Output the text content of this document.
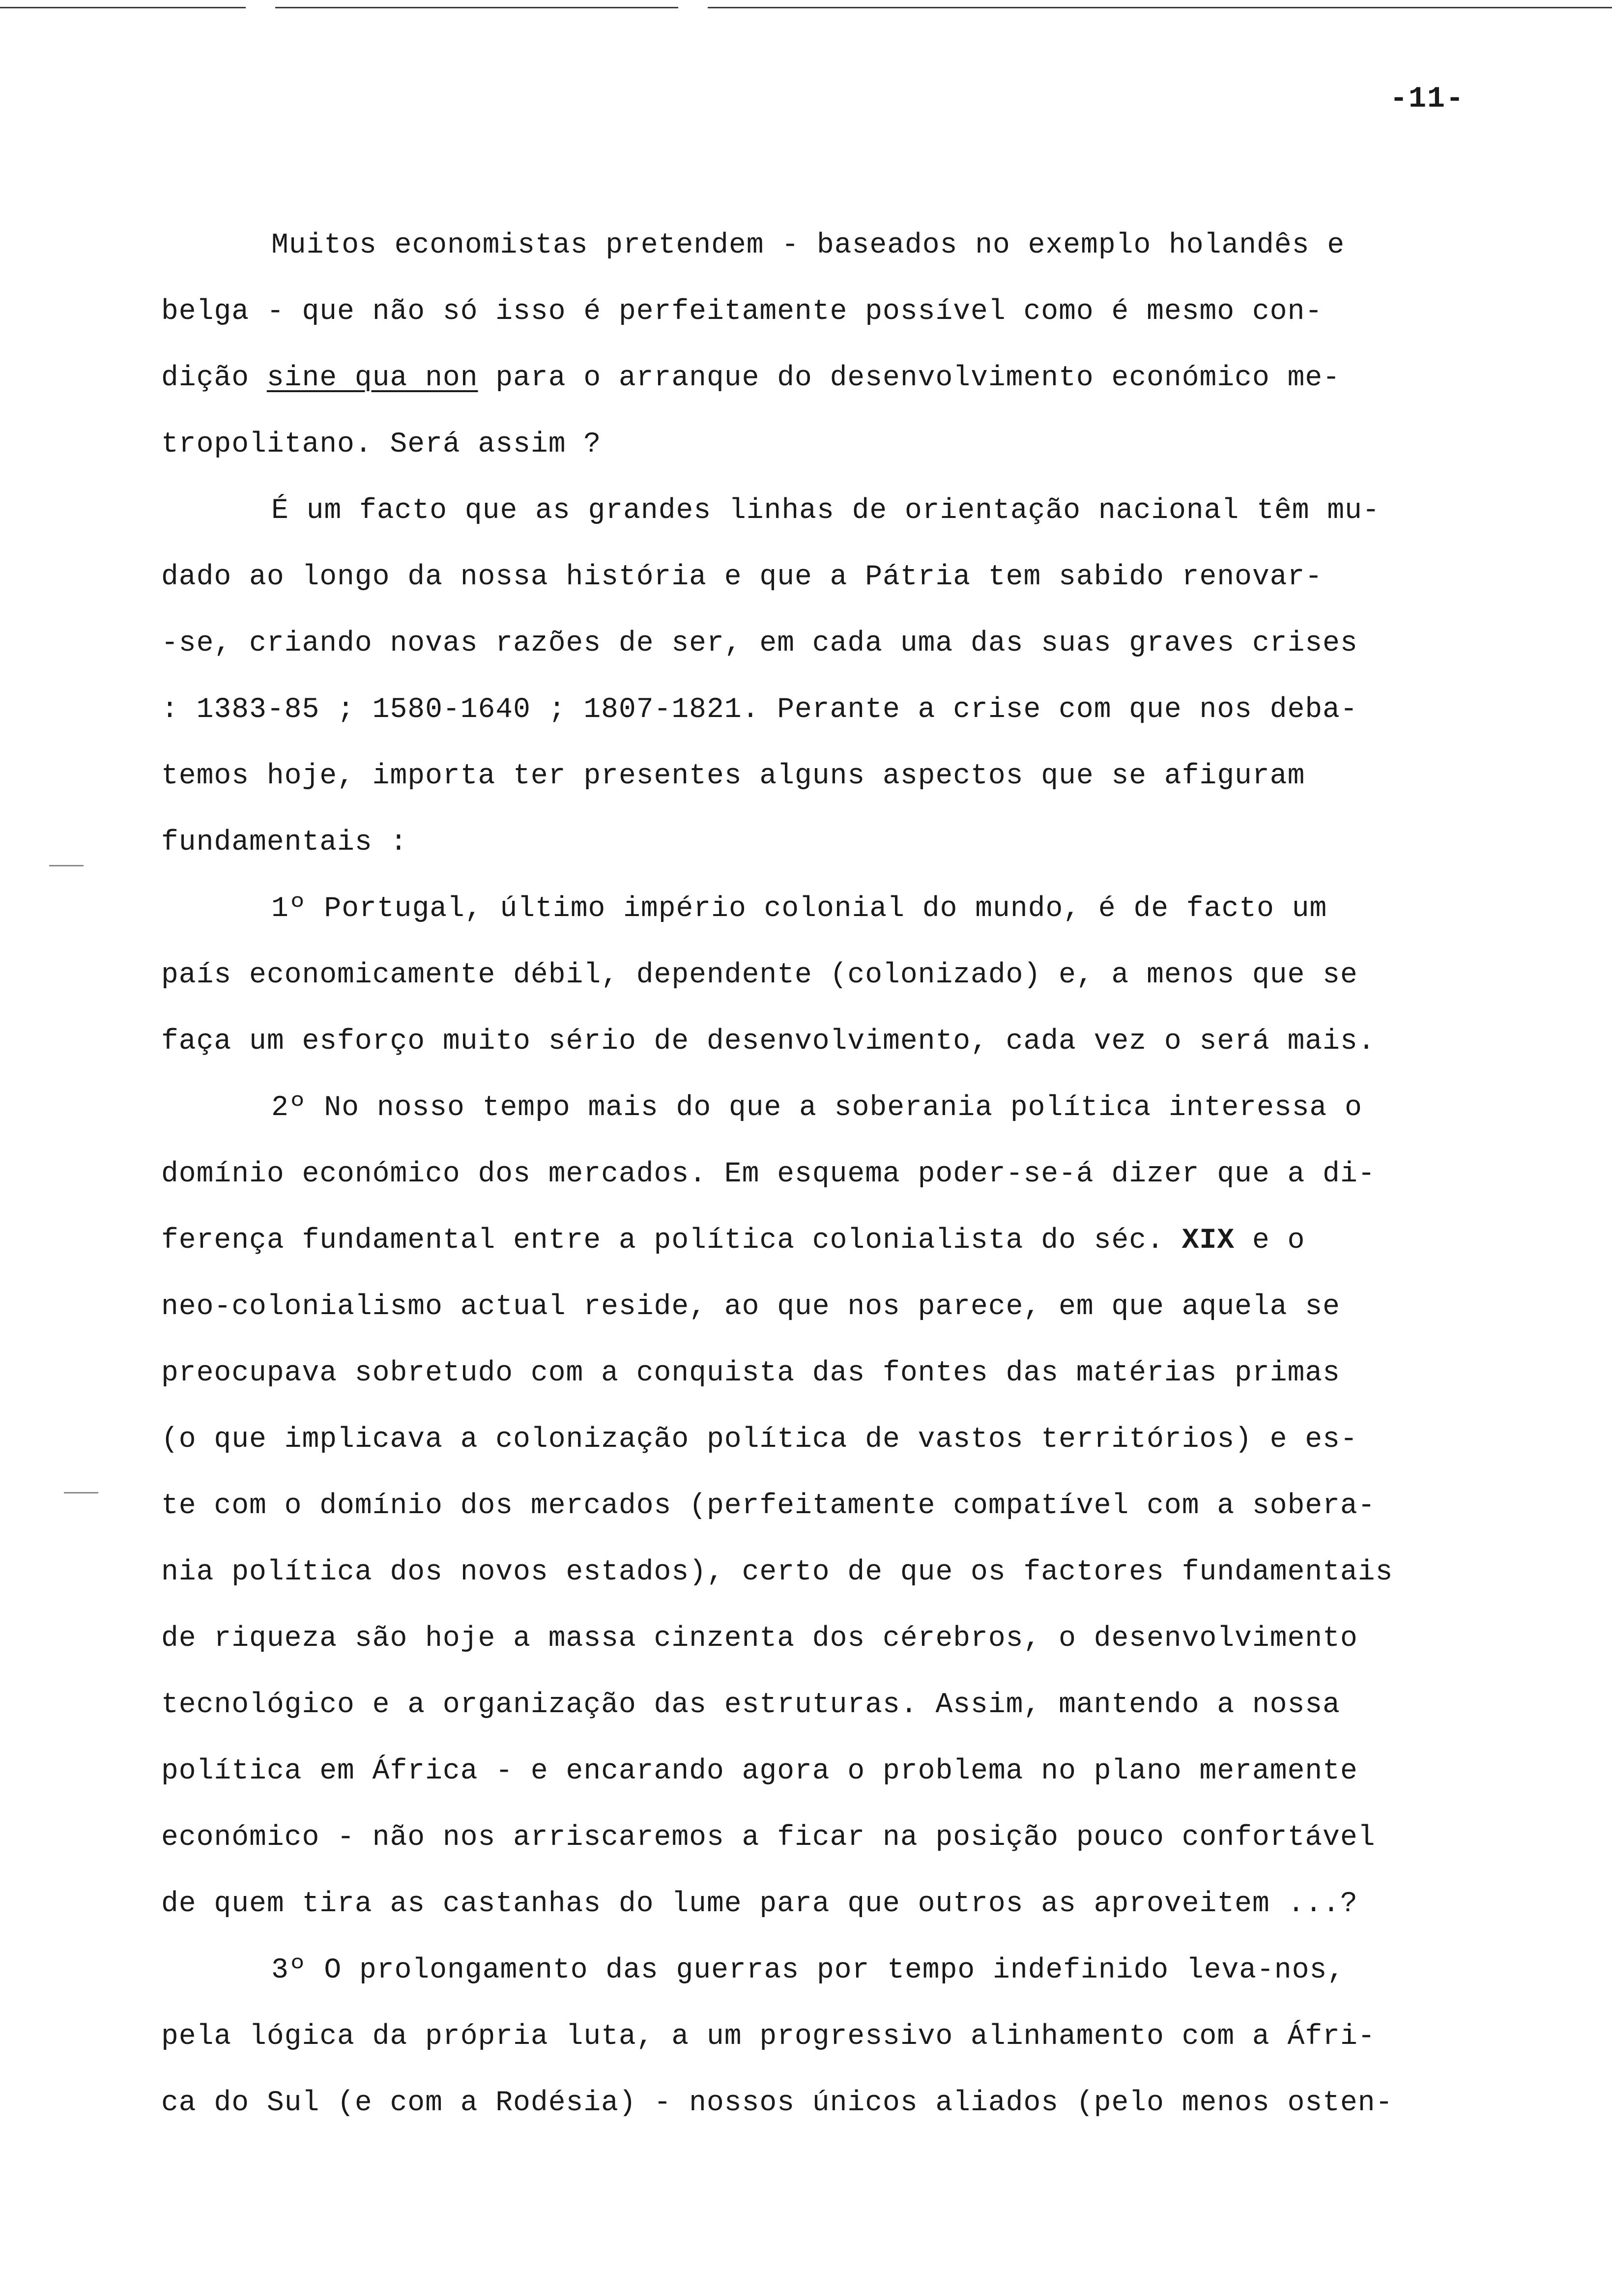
-11-
Muitos economistas pretendem - baseados no exemplo holandês e
belga - que não só isso é perfeitamente possível como é mesmo con-
dição sine qua non para o arranque do desenvolvimento económico me-
tropolitano. Será assim ?
É um facto que as grandes linhas de orientação nacional têm mu-
dado ao longo da nossa história e que a Pátria tem sabido renovar-
-se, criando novas razões de ser, em cada uma das suas graves crises
: 1383-85 ; 1580-1640 ; 1807-1821. Perante a crise com que nos deba-
temos hoje, importa ter presentes alguns aspectos que se afiguram
fundamentais :
1º Portugal, último império colonial do mundo, é de facto um
país economicamente débil, dependente (colonizado) e, a menos que se
faça um esforço muito sério de desenvolvimento, cada vez o será mais.
2º No nosso tempo mais do que a soberania política interessa o
domínio económico dos mercados. Em esquema poder-se-á dizer que a di-
ferença fundamental entre a política colonialista do séc. XIX e o
neo-colonialismo actual reside, ao que nos parece, em que aquela se
preocupava sobretudo com a conquista das fontes das matérias primas
(o que implicava a colonização política de vastos territórios) e es-
te com o domínio dos mercados (perfeitamente compatível com a sobera-
nia política dos novos estados), certo de que os factores fundamentais
de riqueza são hoje a massa cinzenta dos cérebros, o desenvolvimento
tecnológico e a organização das estruturas. Assim, mantendo a nossa
política em África - e encarando agora o problema no plano meramente
económico - não nos arriscaremos a ficar na posição pouco confortável
de quem tira as castanhas do lume para que outros as aproveitem ...?
3º O prolongamento das guerras por tempo indefinido leva-nos,
pela lógica da própria luta, a um progressivo alinhamento com a Áfri-
ca do Sul (e com a Rodésia) - nossos únicos aliados (pelo menos osten-
